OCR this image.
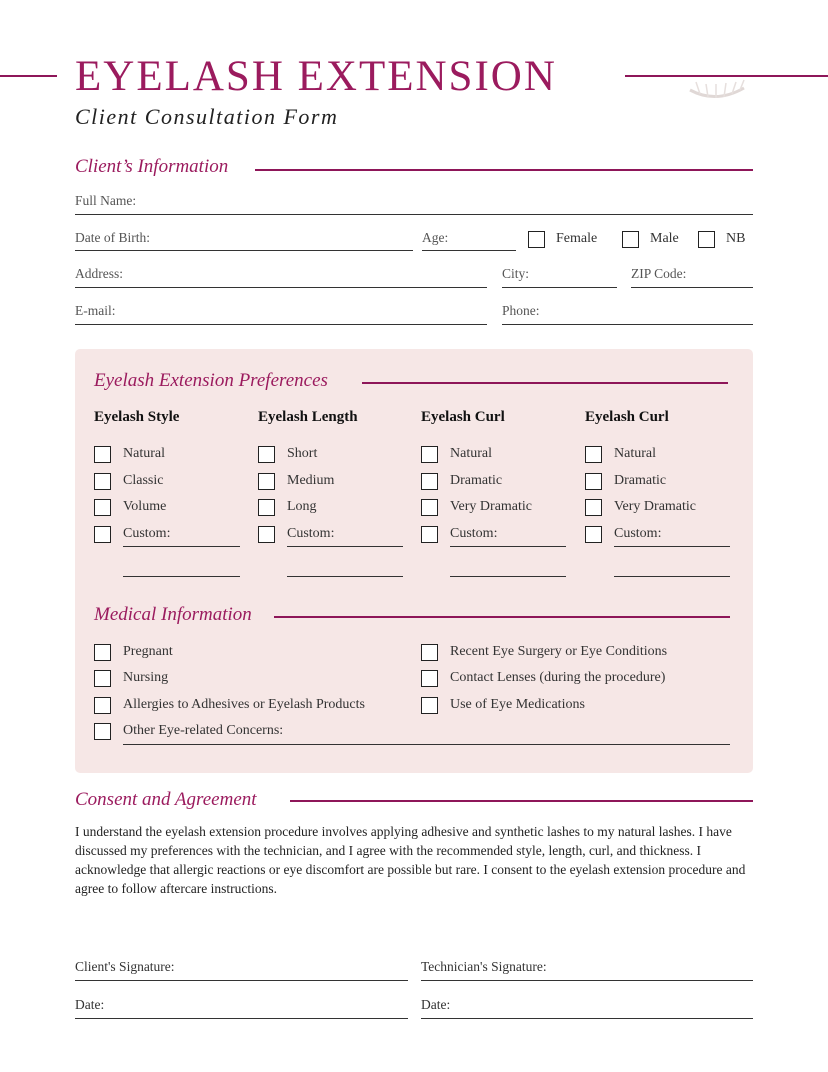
EYELASH EXTENSION
Client Consultation Form
Client’s Information
Full Name:
Date of Birth:	Age:	Female	Male	NB
Address:	City:	ZIP Code:
E-mail:	Phone:
Eyelash Extension Preferences
Eyelash Style
Natural
Classic
Volume
Custom:
Eyelash Length
Short
Medium
Long
Custom:
Eyelash Curl
Natural
Dramatic
Very Dramatic
Custom:
Eyelash Curl
Natural
Dramatic
Very Dramatic
Custom:
Medical Information
Pregnant
Nursing
Allergies to Adhesives or Eyelash Products
Other Eye-related Concerns:
Recent Eye Surgery or Eye Conditions
Contact Lenses (during the procedure)
Use of Eye Medications
Consent and Agreement
I understand the eyelash extension procedure involves applying adhesive and synthetic lashes to my natural lashes. I have discussed my preferences with the technician, and I agree with the recommended style, length, curl, and thickness. I acknowledge that allergic reactions or eye discomfort are possible but rare. I consent to the eyelash extension procedure and agree to follow aftercare instructions.
Client's Signature:	Technician's Signature:
Date:	Date:
